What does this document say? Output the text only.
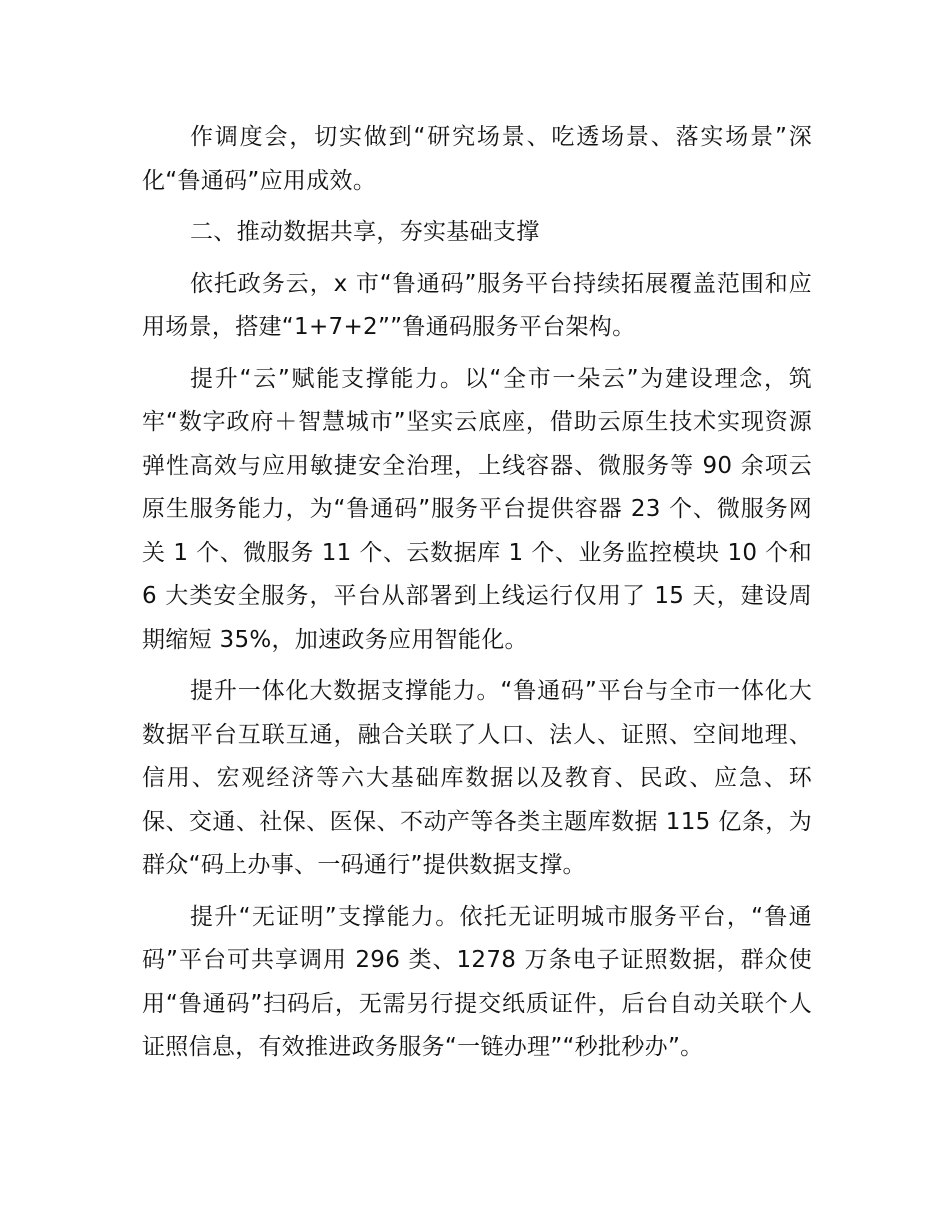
作调度会，切实做到“研究场景、吃透场景、落实场景”深化“鲁通码”应用成效。

二、推动数据共享，夯实基础支撑

依托政务云，x 市“鲁通码”服务平台持续拓展覆盖范围和应用场景，搭建“1+7+2””鲁通码服务平台架构。

提升“云”赋能支撑能力。以“全市一朵云”为建设理念，筑牢“数字政府＋智慧城市”坚实云底座，借助云原生技术实现资源弹性高效与应用敏捷安全治理，上线容器、微服务等 90 余项云原生服务能力，为“鲁通码”服务平台提供容器 23 个、微服务网关 1 个、微服务 11 个、云数据库 1 个、业务监控模块 10 个和 6 大类安全服务，平台从部署到上线运行仅用了 15 天，建设周期缩短 35%，加速政务应用智能化。

提升一体化大数据支撑能力。“鲁通码”平台与全市一体化大数据平台互联互通，融合关联了人口、法人、证照、空间地理、信用、宏观经济等六大基础库数据以及教育、民政、应急、环保、交通、社保、医保、不动产等各类主题库数据 115 亿条，为群众“码上办事、一码通行”提供数据支撑。

提升“无证明”支撑能力。依托无证明城市服务平台，“鲁通码”平台可共享调用 296 类、1278 万条电子证照数据，群众使用“鲁通码”扫码后，无需另行提交纸质证件，后台自动关联个人证照信息，有效推进政务服务“一链办理”“秒批秒办”。
